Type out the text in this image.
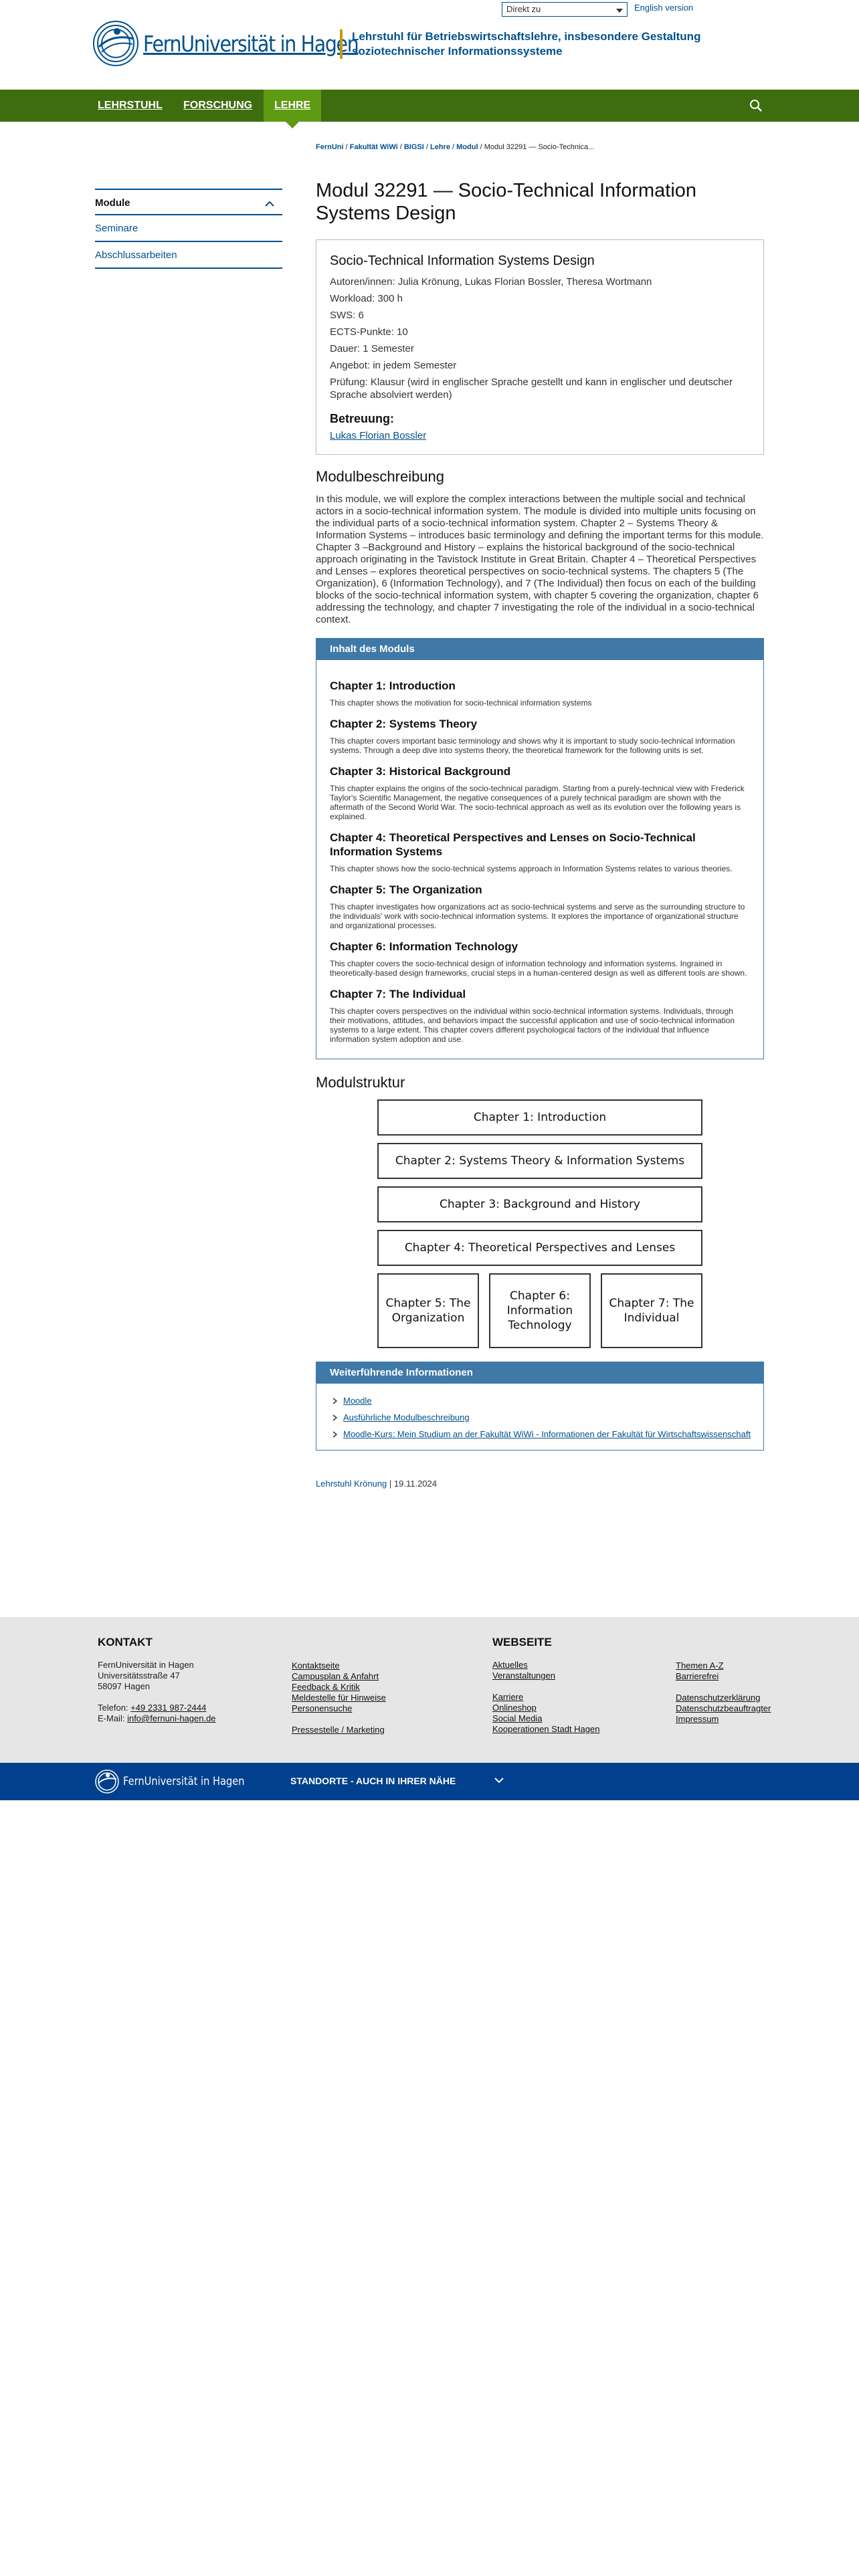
Direkt zu	English version
FernUniversität in Hagen
Lehrstuhl für Betriebswirtschaftslehre, insbesondere Gestaltung
soziotechnischer Informationssysteme
LEHRSTUHL FORSCHUNG	LEHRE
FernUni / Fakultät WiWi / BIGSI / Lehre / Modul / Modul 32291 — Socio-Technica...
Module
Seminare
Abschlussarbeiten
Modul 32291 — Socio-Technical Information Systems Design
Socio-Technical Information Systems Design
Autoren/innen: Julia Krönung, Lukas Florian Bossler, Theresa Wortmann
Workload: 300 h
SWS: 6
ECTS-Punkte: 10
Dauer: 1 Semester
Angebot: in jedem Semester
Prüfung: Klausur (wird in englischer Sprache gestellt und kann in englischer und deutscher Sprache absolviert werden)
Betreuung:
Lukas Florian Bossler
Modulbeschreibung

In this module, we will explore the complex interactions between the multiple social and technical actors in a socio-technical information system. The module is divided into multiple units focusing on the individual parts of a socio-technical information system. Chapter 2 – Systems Theory & Information Systems – introduces basic terminology and defining the important terms for this module. Chapter 3 –Background and History – explains the historical background of the socio-technical approach originating in the Tavistock Institute in Great Britain. Chapter 4 – Theoretical Perspectives and Lenses – explores theoretical perspectives on socio-technical systems. The chapters 5 (The Organization), 6 (Information Technology), and 7 (The Individual) then focus on each of the building blocks of the socio-technical information system, with chapter 5 covering the organization, chapter 6 addressing the technology, and chapter 7 investigating the role of the individual in a socio-technical context.

Inhalt des Moduls
Chapter 1: Introduction

This chapter shows the motivation for socio-technical information systems

Chapter 2: Systems Theory

This chapter covers important basic terminology and shows why it is important to study socio-technical information systems. Through a deep dive into systems theory, the theoretical framework for the following units is set.

Chapter 3: Historical Background

This chapter explains the origins of the socio-technical paradigm. Starting from a purely-technical view with Frederick Taylor's Scientific Management, the negative consequences of a purely technical paradigm are shown with the aftermath of the Second World War. The socio-technical approach as well as its evolution over the following years is explained.

Chapter 4: Theoretical Perspectives and Lenses on Socio-Technical Information Systems

This chapter shows how the socio-technical systems approach in Information Systems relates to various theories.

Chapter 5: The Organization

This chapter investigates how organizations act as socio-technical systems and serve as the surrounding structure to the individuals' work with socio-technical information systems. It explores the importance of organizational structure and organizational processes.

Chapter 6: Information Technology

This chapter covers the socio-technical design of information technology and information systems. Ingrained in theoretically-based design frameworks, crucial steps in a human-centered design as well as different tools are shown.

Chapter 7: The Individual

This chapter covers perspectives on the individual within socio-technical information systems. Individuals, through their motivations, attitudes, and behaviors impact the successful application and use of socio-technical information systems to a large extent. This chapter covers different psychological factors of the individual that influence information system adoption and use.

Modulstruktur
Chapter 1: Introduction
Chapter 2: Systems Theory & Information Systems
Chapter 3: Background and History
Chapter 4: Theoretical Perspectives and Lenses
Chapter 5: The Organization
Chapter 6: Information Technology
Chapter 7: The Individual
Weiterführende Informationen
Moodle
Ausführliche Modulbeschreibung
Moodle-Kurs: Mein Studium an der Fakultät WiWi - Informationen der Fakultät für Wirtschaftswissenschaft
Lehrstuhl Krönung | 19.11.2024
KONTAKT
FernUniversität in Hagen
Universitätsstraße 47
58097 Hagen
Telefon: +49 2331 987-2444
E-Mail: info@fernuni-hagen.de
Kontaktseite
Campusplan & Anfahrt
Feedback & Kritik
Meldestelle für Hinweise
Personensuche
Pressestelle / Marketing
WEBSEITE
Aktuelles
Veranstaltungen
Karriere
Onlineshop
Social Media
Kooperationen Stadt Hagen
Themen A-Z
Barrierefrei
Datenschutzerklärung
Datenschutzbeauftragter
Impressum
FernUniversität in Hagen	STANDORTE - AUCH IN IHRER NÄHE
